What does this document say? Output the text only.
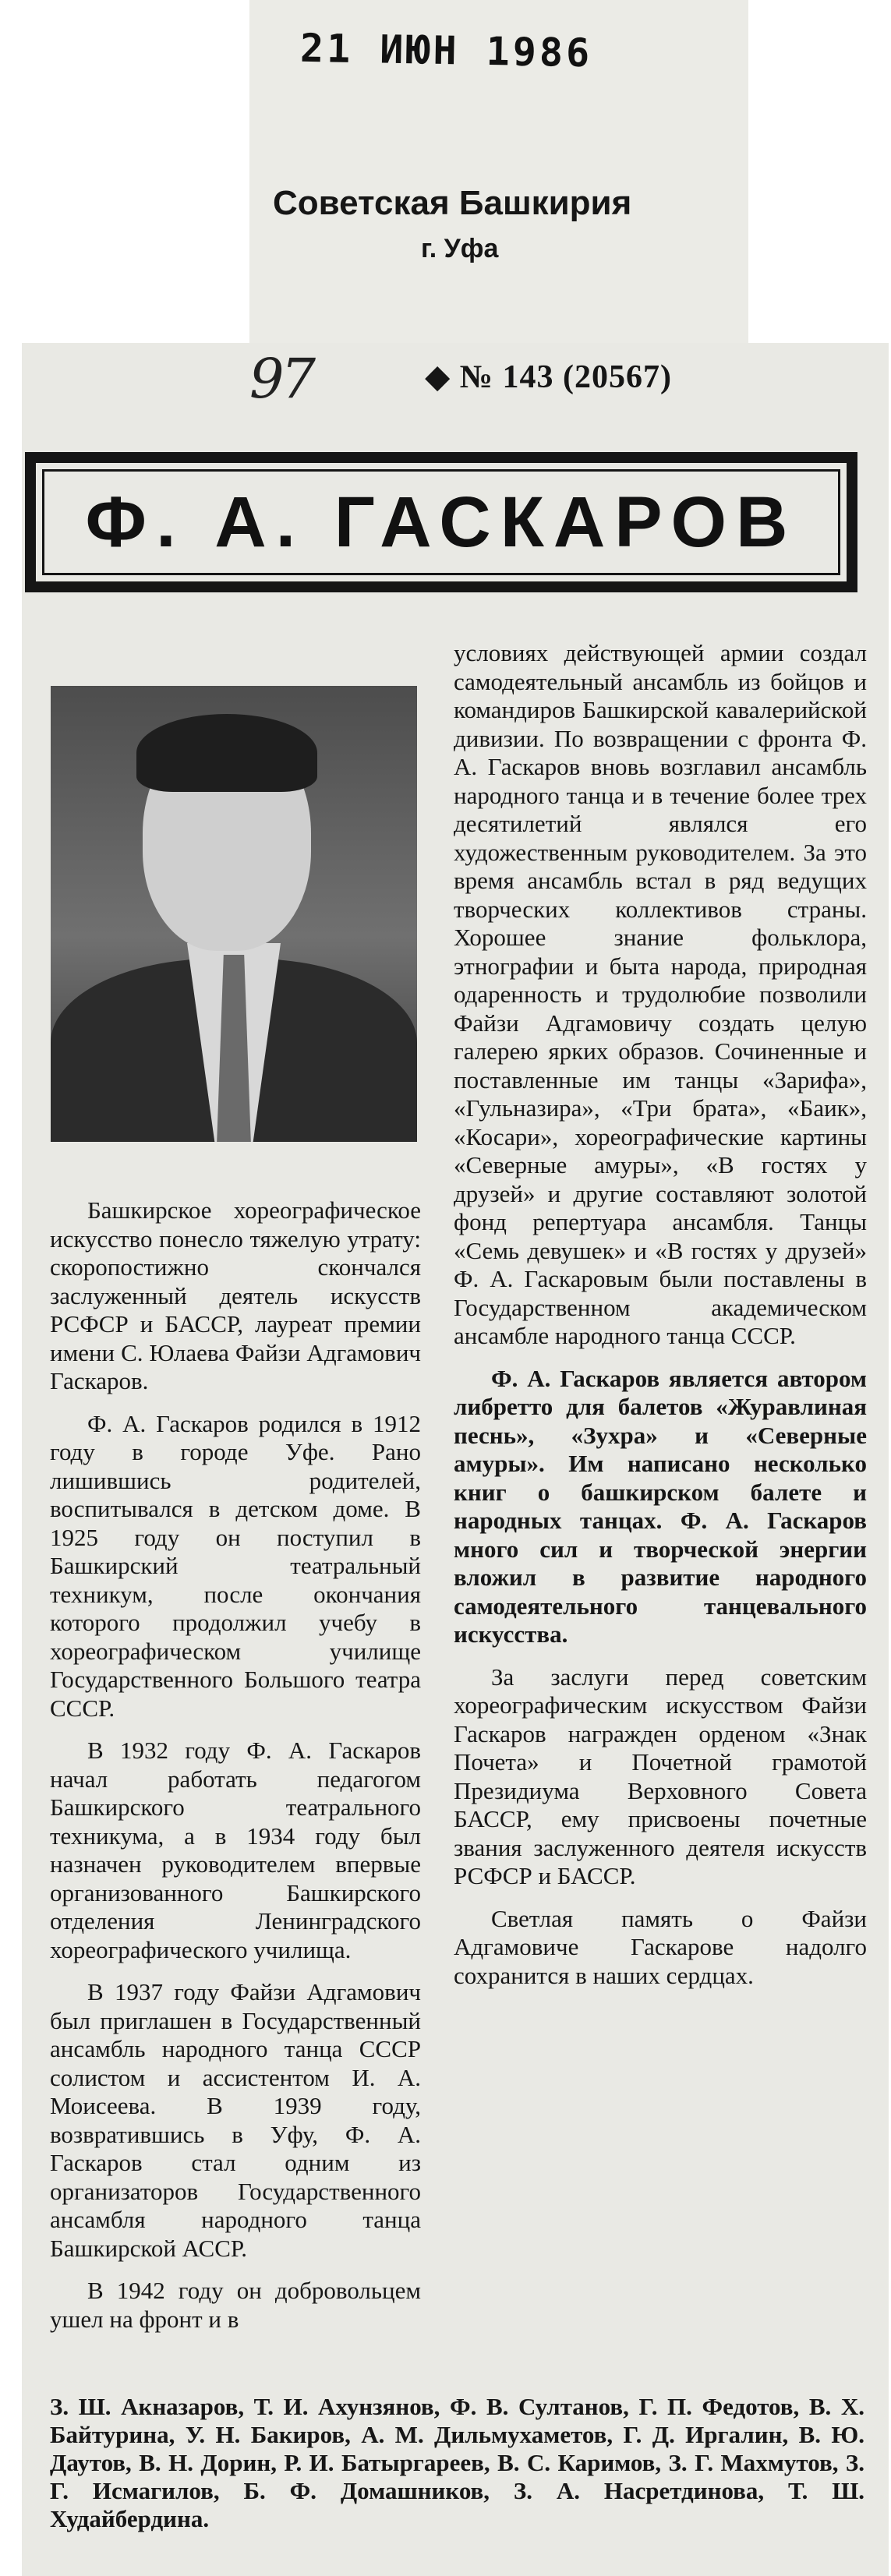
21 ИЮН 1986
Советская Башкирия
г. Уфа
97	◆ № 143 (20567)
Ф. А. ГАСКАРОВ

Башкирское хореографическое искусство понесло тяжелую утрату: скоропостижно скончался заслуженный деятель искусств РСФСР и БАССР, лауреат премии имени С. Юлаева Файзи Адгамович Гаскаров.

Ф. А. Гаскаров родился в 1912 году в городе Уфе. Рано лишившись родителей, воспитывался в детском доме. В 1925 году он поступил в Башкирский театральный техникум, после окончания которого продолжил учебу в хореографическом училище Государственного Большого театра СССР.

В 1932 году Ф. А. Гаскаров начал работать педагогом Башкирского театрального техникума, а в 1934 году был назначен руководителем впервые организованного Башкирского отделения Ленинградского хореографического училища.

В 1937 году Файзи Адгамович был приглашен в Государственный ансамбль народного танца СССР солистом и ассистентом И. А. Моисеева. В 1939 году, возвратившись в Уфу, Ф. А. Гаскаров стал одним из организаторов Государственного ансамбля народного танца Башкирской АССР.

В 1942 году он добровольцем ушел на фронт и в

условиях действующей армии создал самодеятельный ансамбль из бойцов и командиров Башкирской кавалерийской дивизии. По возвращении с фронта Ф. А. Гаскаров вновь возглавил ансамбль народного танца и в течение более трех десятилетий являлся его художественным руководителем. За это время ансамбль встал в ряд ведущих творческих коллективов страны. Хорошее знание фольклора, этнографии и быта народа, природная одаренность и трудолюбие позволили Файзи Адгамовичу создать целую галерею ярких образов. Сочиненные и поставленные им танцы «Зарифа», «Гульназира», «Три брата», «Баик», «Косари», хореографические картины «Северные амуры», «В гостях у друзей» и другие составляют золотой фонд репертуара ансамбля. Танцы «Семь девушек» и «В гостях у друзей» Ф. А. Гаскаровым были поставлены в Государственном академическом ансамбле народного танца СССР.

Ф. А. Гаскаров является автором либретто для балетов «Журавлиная песнь», «Зухра» и «Северные амуры». Им написано несколько книг о башкирском балете и народных танцах. Ф. А. Гаскаров много сил и творческой энергии вложил в развитие народного самодеятельного танцевального искусства.

За заслуги перед советским хореографическим искусством Файзи Гаскаров награжден орденом «Знак Почета» и Почетной грамотой Президиума Верховного Совета БАССР, ему присвоены почетные звания заслуженного деятеля искусств РСФСР и БАССР.

Светлая память о Файзи Адгамовиче Гаскарове надолго сохранится в наших сердцах.

З. Ш. Акназаров, Т. И. Ахунзянов, Ф. В. Султанов, Г. П. Федотов, В. Х. Байтурина, У. Н. Бакиров, А. М. Дильмухаметов, Г. Д. Иргалин, В. Ю. Даутов, В. Н. Дорин, Р. И. Батыргареев, В. С. Каримов, З. Г. Махмутов, З. Г. Исмагилов, Б. Ф. Домашников, З. А. Насретдинова, Т. Ш. Худайбердина.
